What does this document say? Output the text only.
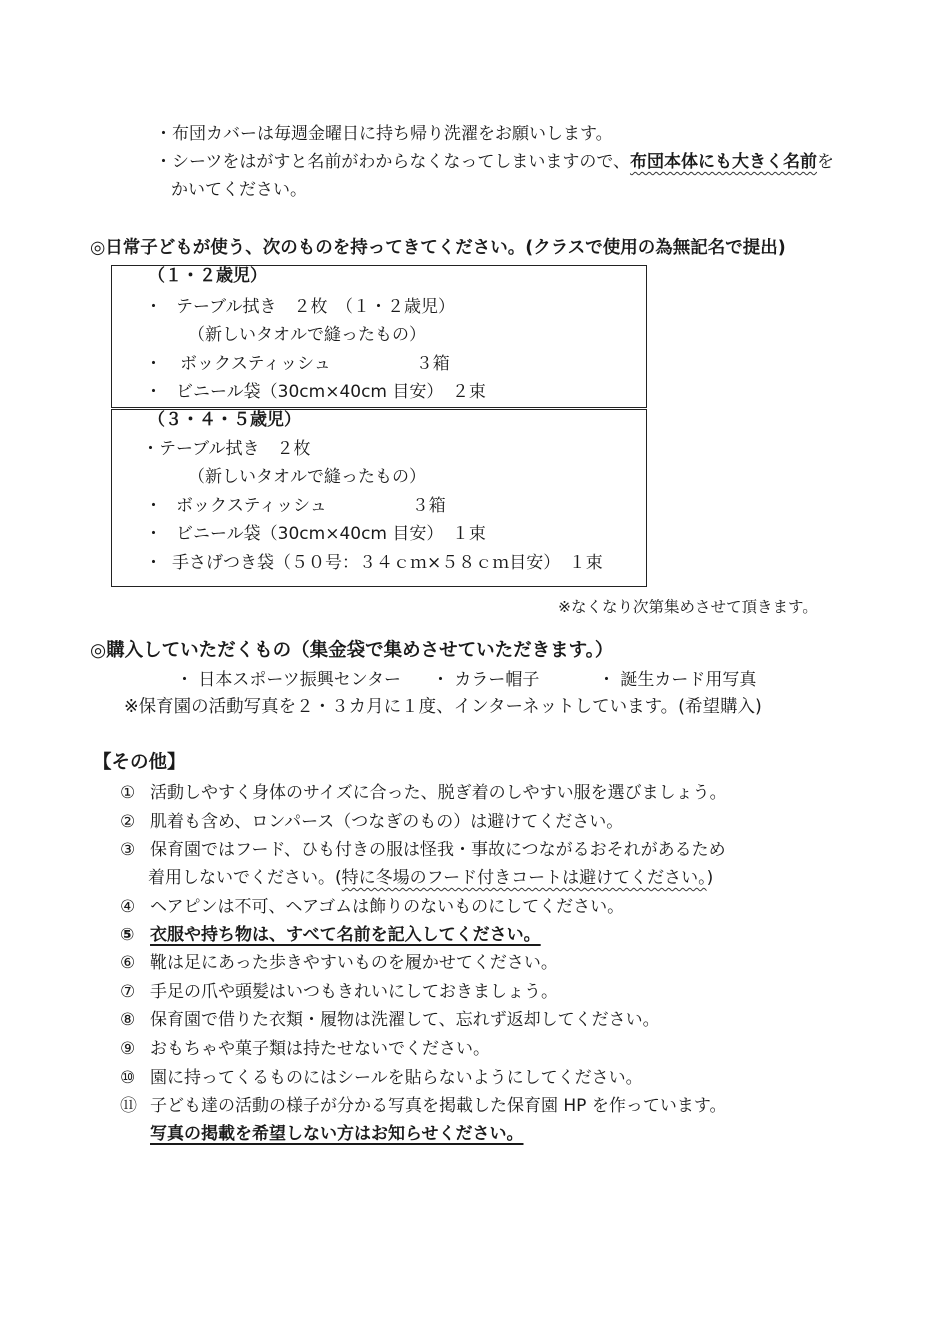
・布団カバーは毎週金曜日に持ち帰り洗濯をお願いします。
・シーツをはがすと名前がわからなくなってしまいますので、布団本体にも大きく名前を
かいてください。
◎日常子どもが使う、次のものを持ってきてください。(クラスで使用の為無記名で提出)
（１・２歳児）
・ テーブル拭き　２枚　（１・２歳児）
（新しいタオルで縫ったもの）
・ ボックスティッシュ　　　　　３箱
・ ビニール袋（30cm×40cm 目安）　２束
（３・４・５歳児）
・テーブル拭き　２枚
（新しいタオルで縫ったもの）
・ ボックスティッシュ　　　　　３箱
・ ビニール袋（30cm×40cm 目安）　１束
・ 手さげつき袋（５０号：３４ｃｍ×５８ｃｍ目安）　１束
※なくなり次第集めさせて頂きます。
◎購入していただくもの（集金袋で集めさせていただきます。）
・ 日本スポーツ振興センター ・ カラー帽子	・ 誕生カード用写真
※保育園の活動写真を２・３カ月に１度、インターネットしています。(希望購入)
【その他】
① 活動しやすく身体のサイズに合った、脱ぎ着のしやすい服を選びましょう。
② 肌着も含め、ロンパース（つなぎのもの）は避けてください。
③ 保育園ではフード、ひも付きの服は怪我・事故につながるおそれがあるため
着用しないでください。(特に冬場のフード付きコートは避けてください。)
④ ヘアピンは不可、ヘアゴムは飾りのないものにしてください。
⑤ 衣服や持ち物は、すべて名前を記入してください。
⑥ 靴は足にあった歩きやすいものを履かせてください。
⑦ 手足の爪や頭髪はいつもきれいにしておきましょう。
⑧ 保育園で借りた衣類・履物は洗濯して、忘れず返却してください。
⑨ おもちゃや菓子類は持たせないでください。
⑩ 園に持ってくるものにはシールを貼らないようにしてください。
⑪ 子ども達の活動の様子が分かる写真を掲載した保育園 HP を作っています。
写真の掲載を希望しない方はお知らせください。
